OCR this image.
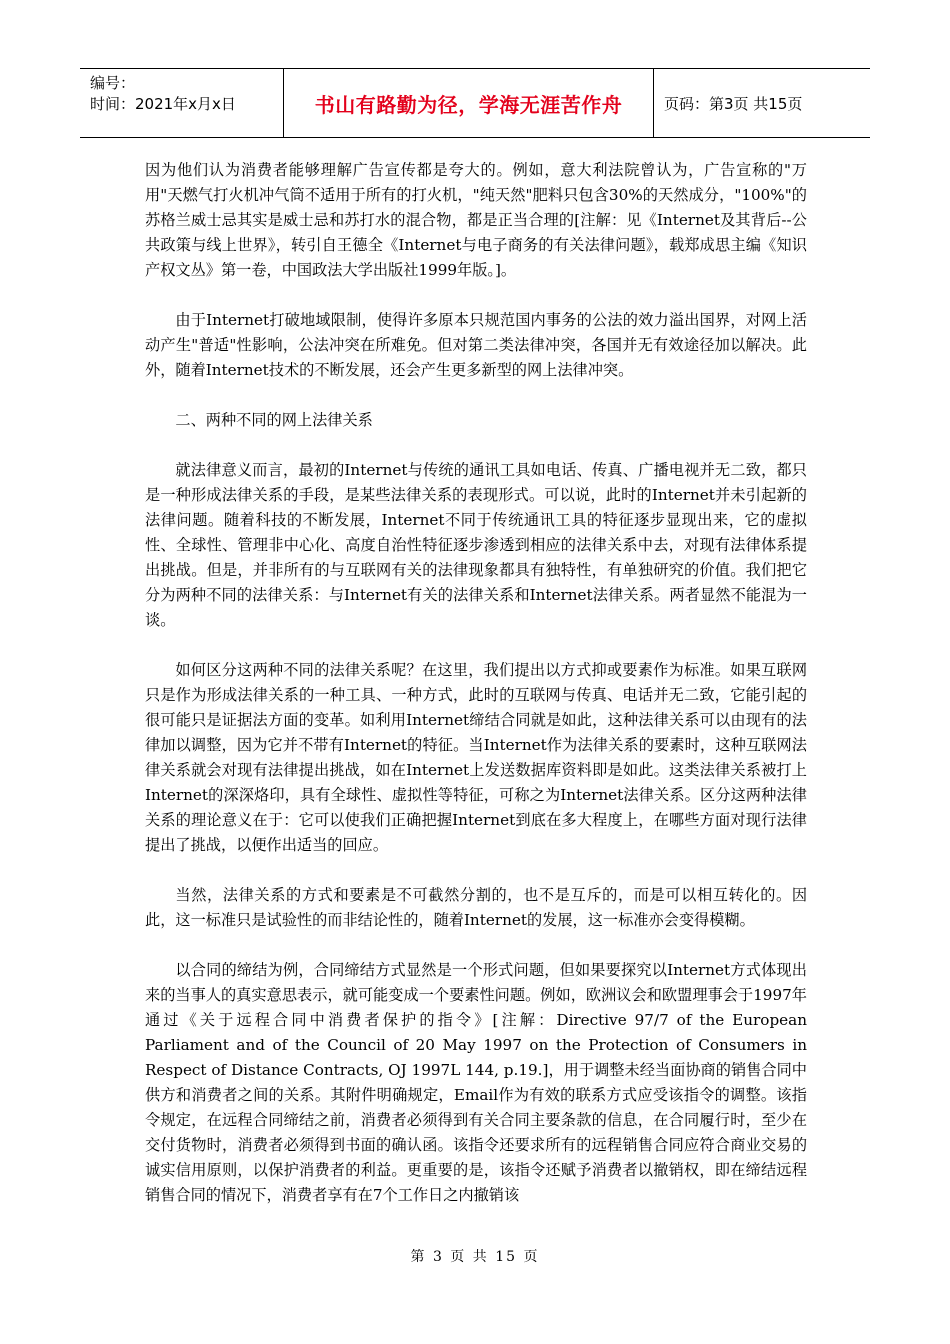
编号：
时间：2021年x月x日	书山有路勤为径，学海无涯苦作舟	页码：第3页 共15页

因为他们认为消费者能够理解广告宣传都是夸大的。例如，意大利法院曾认为，广告宣称的"万用"天燃气打火机冲气筒不适用于所有的打火机，"纯天然"肥料只包含30%的天然成分，"100%"的苏格兰威士忌其实是威士忌和苏打水的混合物，都是正当合理的[注解：见《Internet及其背后--公共政策与线上世界》，转引自王德全《Internet与电子商务的有关法律问题》，载郑成思主编《知识产权文丛》第一卷，中国政法大学出版社1999年版。]。

由于Internet打破地域限制，使得许多原本只规范国内事务的公法的效力溢出国界，对网上活动产生"普适"性影响，公法冲突在所难免。但对第二类法律冲突，各国并无有效途径加以解决。此外，随着Internet技术的不断发展，还会产生更多新型的网上法律冲突。

二、两种不同的网上法律关系

就法律意义而言，最初的Internet与传统的通讯工具如电话、传真、广播电视并无二致，都只是一种形成法律关系的手段，是某些法律关系的表现形式。可以说，此时的Internet并未引起新的法律问题。随着科技的不断发展，Internet不同于传统通讯工具的特征逐步显现出来，它的虚拟性、全球性、管理非中心化、高度自治性特征逐步渗透到相应的法律关系中去，对现有法律体系提出挑战。但是，并非所有的与互联网有关的法律现象都具有独特性，有单独研究的价值。我们把它分为两种不同的法律关系：与Internet有关的法律关系和Internet法律关系。两者显然不能混为一谈。

如何区分这两种不同的法律关系呢？在这里，我们提出以方式抑或要素作为标准。如果互联网只是作为形成法律关系的一种工具、一种方式，此时的互联网与传真、电话并无二致，它能引起的很可能只是证据法方面的变革。如利用Internet缔结合同就是如此，这种法律关系可以由现有的法律加以调整，因为它并不带有Internet的特征。当Internet作为法律关系的要素时，这种互联网法律关系就会对现有法律提出挑战，如在Internet上发送数据库资料即是如此。这类法律关系被打上Internet的深深烙印，具有全球性、虚拟性等特征，可称之为Internet法律关系。区分这两种法律关系的理论意义在于：它可以使我们正确把握Internet到底在多大程度上，在哪些方面对现行法律提出了挑战，以便作出适当的回应。

当然，法律关系的方式和要素是不可截然分割的，也不是互斥的，而是可以相互转化的。因此，这一标准只是试验性的而非结论性的，随着Internet的发展，这一标准亦会变得模糊。

以合同的缔结为例，合同缔结方式显然是一个形式问题，但如果要探究以Internet方式体现出来的当事人的真实意思表示，就可能变成一个要素性问题。例如，欧洲议会和欧盟理事会于1997年通过《关于远程合同中消费者保护的指令》[注解：Directive 97/7 of the European Parliament and of the Council of 20 May 1997 on the Protection of Consumers in Respect of Distance Contracts, OJ 1997L 144, p.19.]，用于调整未经当面协商的销售合同中供方和消费者之间的关系。其附件明确规定，Email作为有效的联系方式应受该指令的调整。该指令规定，在远程合同缔结之前，消费者必须得到有关合同主要条款的信息，在合同履行时，至少在交付货物时，消费者必须得到书面的确认函。该指令还要求所有的远程销售合同应符合商业交易的诚实信用原则，以保护消费者的利益。更重要的是，该指令还赋予消费者以撤销权，即在缔结远程销售合同的情况下，消费者享有在7个工作日之内撤销该

第 3 页 共 15 页
